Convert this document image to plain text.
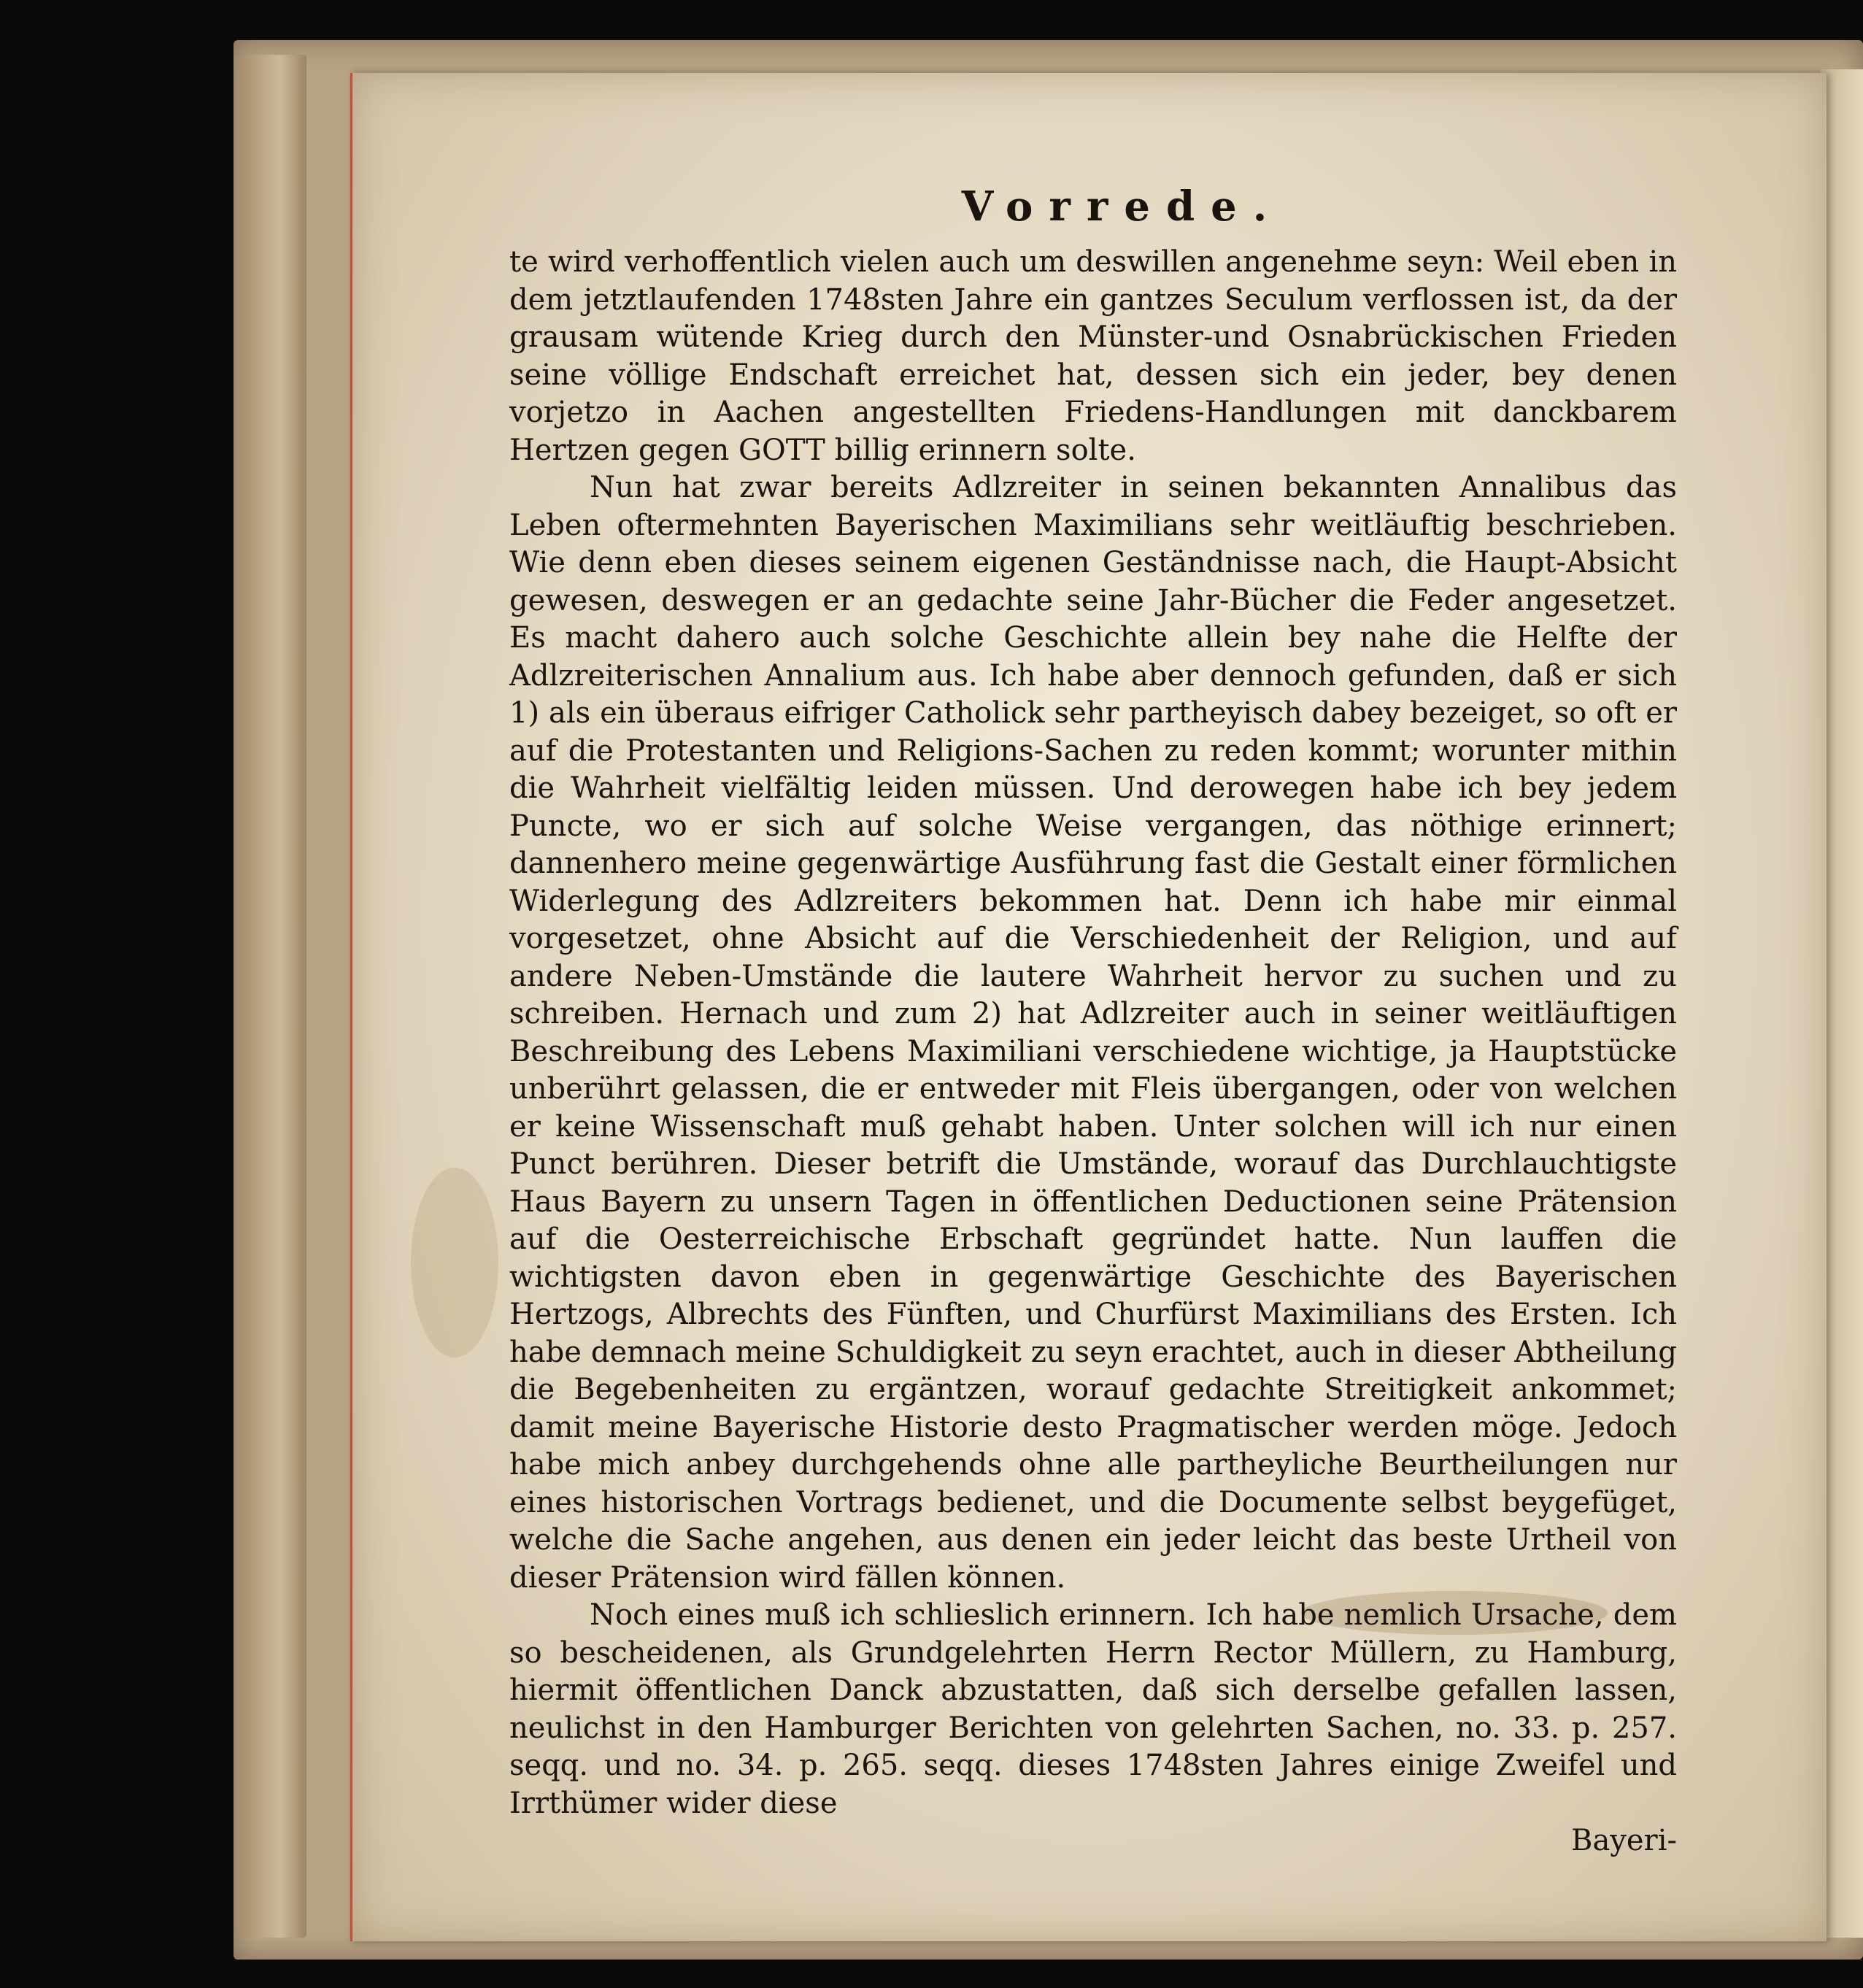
Vorrede.

te wird verhoffentlich vielen auch um deswillen angenehme seyn: Weil eben in dem jetztlaufenden 1748sten Jahre ein gantzes Seculum verflossen ist, da der grausam wütende Krieg durch den Münster-und Osnabrückischen Frieden seine völlige Endschaft erreichet hat, dessen sich ein jeder, bey denen vorjetzo in Aachen angestellten Friedens-Handlungen mit danckbarem Hertzen gegen GOTT billig erinnern solte.

Nun hat zwar bereits Adlzreiter in seinen bekannten Annalibus das Leben oftermehnten Bayerischen Maximilians sehr weitläuftig beschrieben. Wie denn eben dieses seinem eigenen Geständnisse nach, die Haupt-Absicht gewesen, deswegen er an gedachte seine Jahr-Bücher die Feder angesetzet. Es macht dahero auch solche Geschichte allein bey nahe die Helfte der Adlzreiterischen Annalium aus. Ich habe aber dennoch gefunden, daß er sich 1) als ein überaus eifriger Catholick sehr partheyisch dabey bezeiget, so oft er auf die Protestanten und Religions-Sachen zu reden kommt; worunter mithin die Wahrheit vielfältig leiden müssen. Und derowegen habe ich bey jedem Puncte, wo er sich auf solche Weise vergangen, das nöthige erinnert; dannenhero meine gegenwärtige Ausführung fast die Gestalt einer förmlichen Widerlegung des Adlzreiters bekommen hat. Denn ich habe mir einmal vorgesetzet, ohne Absicht auf die Verschiedenheit der Religion, und auf andere Neben-Umstände die lautere Wahrheit hervor zu suchen und zu schreiben. Hernach und zum 2) hat Adlzreiter auch in seiner weitläuftigen Beschreibung des Lebens Maximiliani verschiedene wichtige, ja Hauptstücke unberührt gelassen, die er entweder mit Fleis übergangen, oder von welchen er keine Wissenschaft muß gehabt haben. Unter solchen will ich nur einen Punct berühren. Dieser betrift die Umstände, worauf das Durchlauchtigste Haus Bayern zu unsern Tagen in öffentlichen Deductionen seine Prätension auf die Oesterreichische Erbschaft gegründet hatte. Nun lauffen die wichtigsten davon eben in gegenwärtige Geschichte des Bayerischen Hertzogs, Albrechts des Fünften, und Churfürst Maximilians des Ersten. Ich habe demnach meine Schuldigkeit zu seyn erachtet, auch in dieser Abtheilung die Begebenheiten zu ergäntzen, worauf gedachte Streitigkeit ankommet; damit meine Bayerische Historie desto Pragmatischer werden möge. Jedoch habe mich anbey durchgehends ohne alle partheyliche Beurtheilungen nur eines historischen Vortrags bedienet, und die Documente selbst beygefüget, welche die Sache angehen, aus denen ein jeder leicht das beste Urtheil von dieser Prätension wird fällen können.

Noch eines muß ich schlieslich erinnern. Ich habe nemlich Ursache, dem so bescheidenen, als Grundgelehrten Herrn Rector Müllern, zu Hamburg, hiermit öffentlichen Danck abzustatten, daß sich derselbe gefallen lassen, neulichst in den Hamburger Berichten von gelehrten Sachen, no. 33. p. 257. seqq. und no. 34. p. 265. seqq. dieses 1748sten Jahres einige Zweifel und Irrthümer wider diese

Bayeri-
